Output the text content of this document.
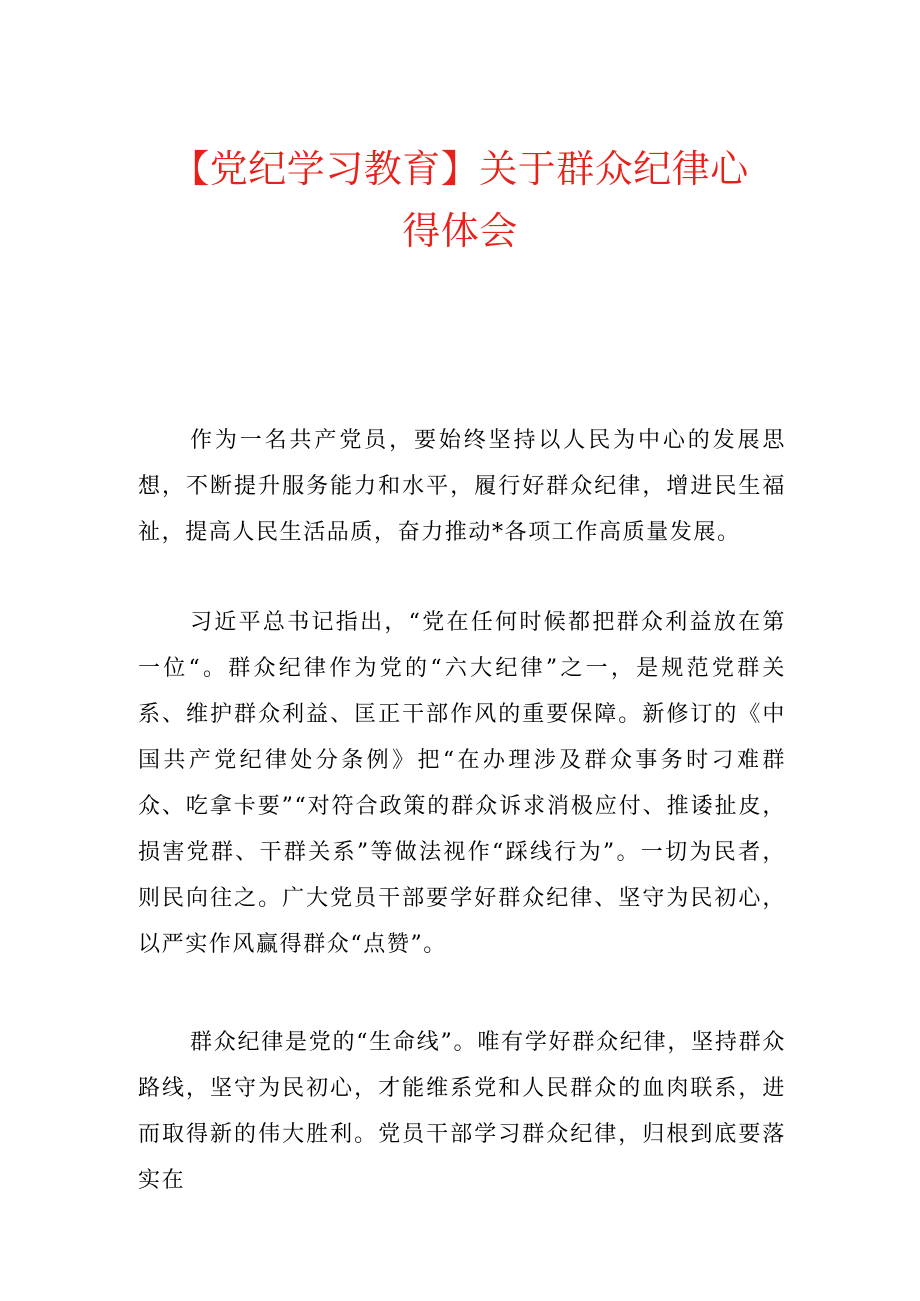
【党纪学习教育】关于群众纪律心
得体会

作为一名共产党员，要始终坚持以人民为中心的发展思想，不断提升服务能力和水平，履行好群众纪律，增进民生福祉，提高人民生活品质，奋力推动*各项工作高质量发展。

习近平总书记指出，“党在任何时候都把群众利益放在第一位“。群众纪律作为党的“六大纪律”之一，是规范党群关系、维护群众利益、匡正干部作风的重要保障。新修订的《中国共产党纪律处分条例》把“在办理涉及群众事务时刁难群众、吃拿卡要”“对符合政策的群众诉求消极应付、推诿扯皮，损害党群、干群关系”等做法视作“踩线行为”。一切为民者，则民向往之。广大党员干部要学好群众纪律、坚守为民初心，以严实作风赢得群众“点赞”。

群众纪律是党的“生命线”。唯有学好群众纪律，坚持群众路线，坚守为民初心，才能维系党和人民群众的血肉联系，进而取得新的伟大胜利。党员干部学习群众纪律，归根到底要落实在
